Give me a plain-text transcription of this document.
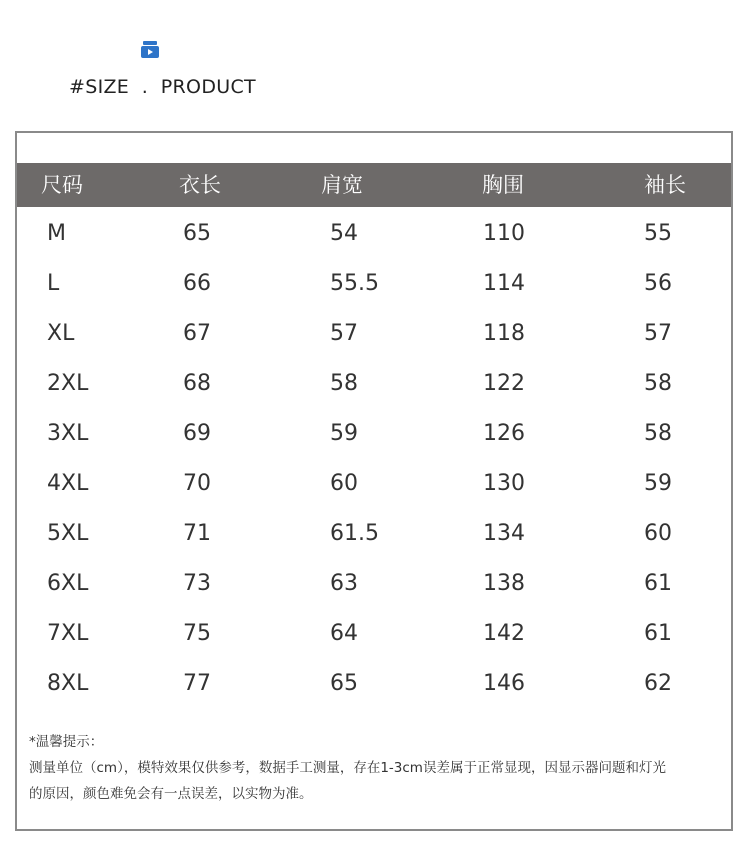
#SIZE  .  PRODUCT
尺码	衣长	肩宽	胸围	袖长
M	65	54	110	55
L	66	55.5	114	56
XL	67	57	118	57
2XL	68	58	122	58
3XL	69	59	126	58
4XL	70	60	130	59
5XL	71	61.5	134	60
6XL	73	63	138	61
7XL	75	64	142	61
8XL	77	65	146	62

*温馨提示：

测量单位（cm），模特效果仅供参考，数据手工测量，存在1-3cm误差属于正常显现，因显示器问题和灯光

的原因，颜色难免会有一点误差，以实物为准。
